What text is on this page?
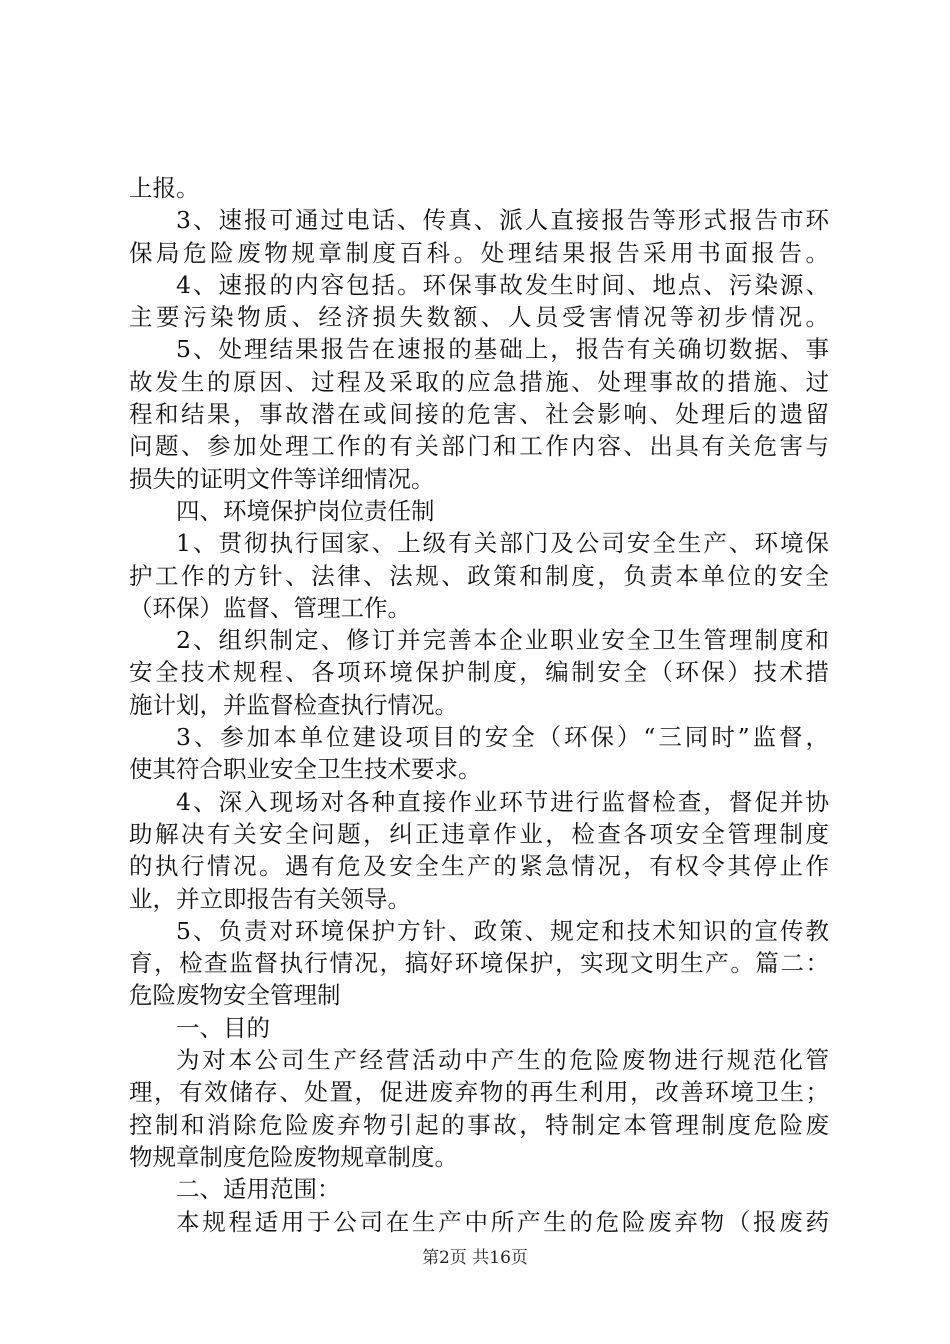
上报。
3、速报可通过电话、传真、派人直接报告等形式报告市环
保局危险废物规章制度百科。处理结果报告采用书面报告。
4、速报的内容包括。环保事故发生时间、地点、污染源、
主要污染物质、经济损失数额、人员受害情况等初步情况。
5、处理结果报告在速报的基础上，报告有关确切数据、事
故发生的原因、过程及采取的应急措施、处理事故的措施、过
程和结果，事故潜在或间接的危害、社会影响、处理后的遗留
问题、参加处理工作的有关部门和工作内容、出具有关危害与
损失的证明文件等详细情况。
四、环境保护岗位责任制
1、贯彻执行国家、上级有关部门及公司安全生产、环境保
护工作的方针、法律、法规、政策和制度，负责本单位的安全
（环保）监督、管理工作。
2、组织制定、修订并完善本企业职业安全卫生管理制度和
安全技术规程、各项环境保护制度，编制安全（环保）技术措
施计划，并监督检查执行情况。
3、参加本单位建设项目的安全（环保）“三同时”监督，
使其符合职业安全卫生技术要求。
4、深入现场对各种直接作业环节进行监督检查，督促并协
助解决有关安全问题，纠正违章作业，检查各项安全管理制度
的执行情况。遇有危及安全生产的紧急情况，有权令其停止作
业，并立即报告有关领导。
5、负责对环境保护方针、政策、规定和技术知识的宣传教
育，检查监督执行情况，搞好环境保护，实现文明生产。篇二：
危险废物安全管理制
一、目的
为对本公司生产经营活动中产生的危险废物进行规范化管
理，有效储存、处置，促进废弃物的再生利用，改善环境卫生；
控制和消除危险废弃物引起的事故，特制定本管理制度危险废
物规章制度危险废物规章制度。
二、适用范围：
本规程适用于公司在生产中所产生的危险废弃物（报废药
第2页 共16页
